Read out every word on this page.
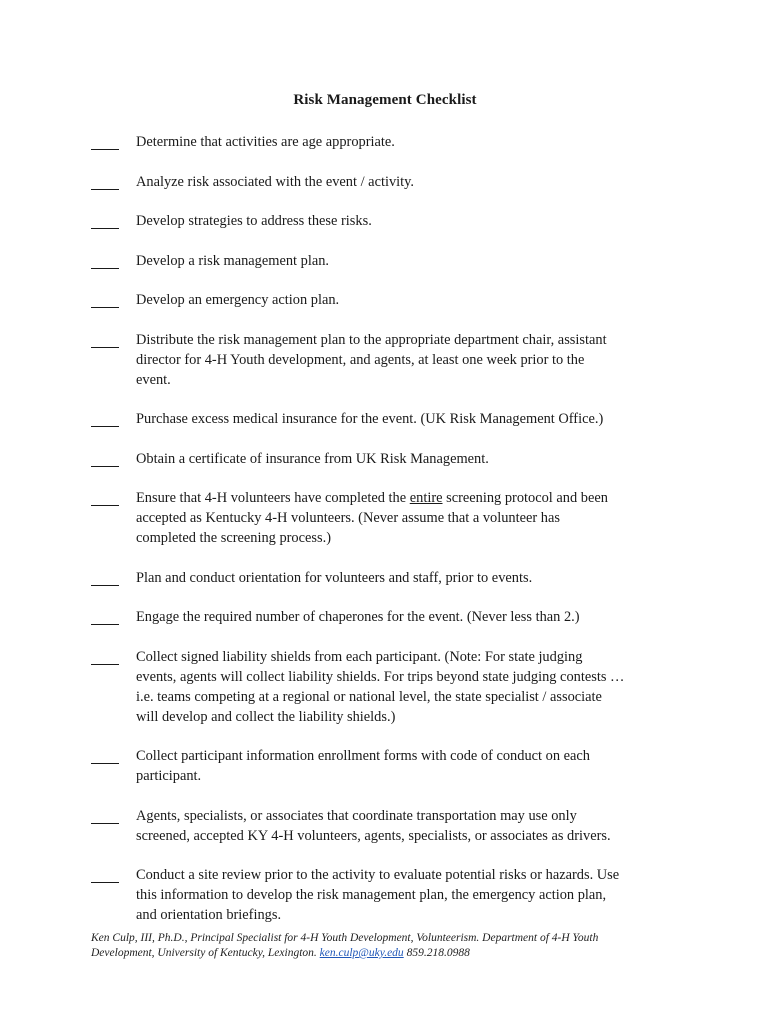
Risk Management Checklist
Determine that activities are age appropriate.
Analyze risk associated with the event / activity.
Develop strategies to address these risks.
Develop a risk management plan.
Develop an emergency action plan.
Distribute the risk management plan to the appropriate department chair, assistant
director for 4-H Youth development, and agents, at least one week prior to the
event.
Purchase excess medical insurance for the event. (UK Risk Management Office.)
Obtain a certificate of insurance from UK Risk Management.
Ensure that 4-H volunteers have completed the entire screening protocol and been
accepted as Kentucky 4-H volunteers. (Never assume that a volunteer has
completed the screening process.)
Plan and conduct orientation for volunteers and staff, prior to events.
Engage the required number of chaperones for the event. (Never less than 2.)
Collect signed liability shields from each participant. (Note: For state judging
events, agents will collect liability shields. For trips beyond state judging contests …
i.e. teams competing at a regional or national level, the state specialist / associate
will develop and collect the liability shields.)
Collect participant information enrollment forms with code of conduct on each
participant.
Agents, specialists, or associates that coordinate transportation may use only
screened, accepted KY 4-H volunteers, agents, specialists, or associates as drivers.
Conduct a site review prior to the activity to evaluate potential risks or hazards. Use
this information to develop the risk management plan, the emergency action plan,
and orientation briefings.
Ken Culp, III, Ph.D., Principal Specialist for 4-H Youth Development, Volunteerism. Department of 4-H Youth
Development, University of Kentucky, Lexington. ken.culp@uky.edu 859.218.0988
